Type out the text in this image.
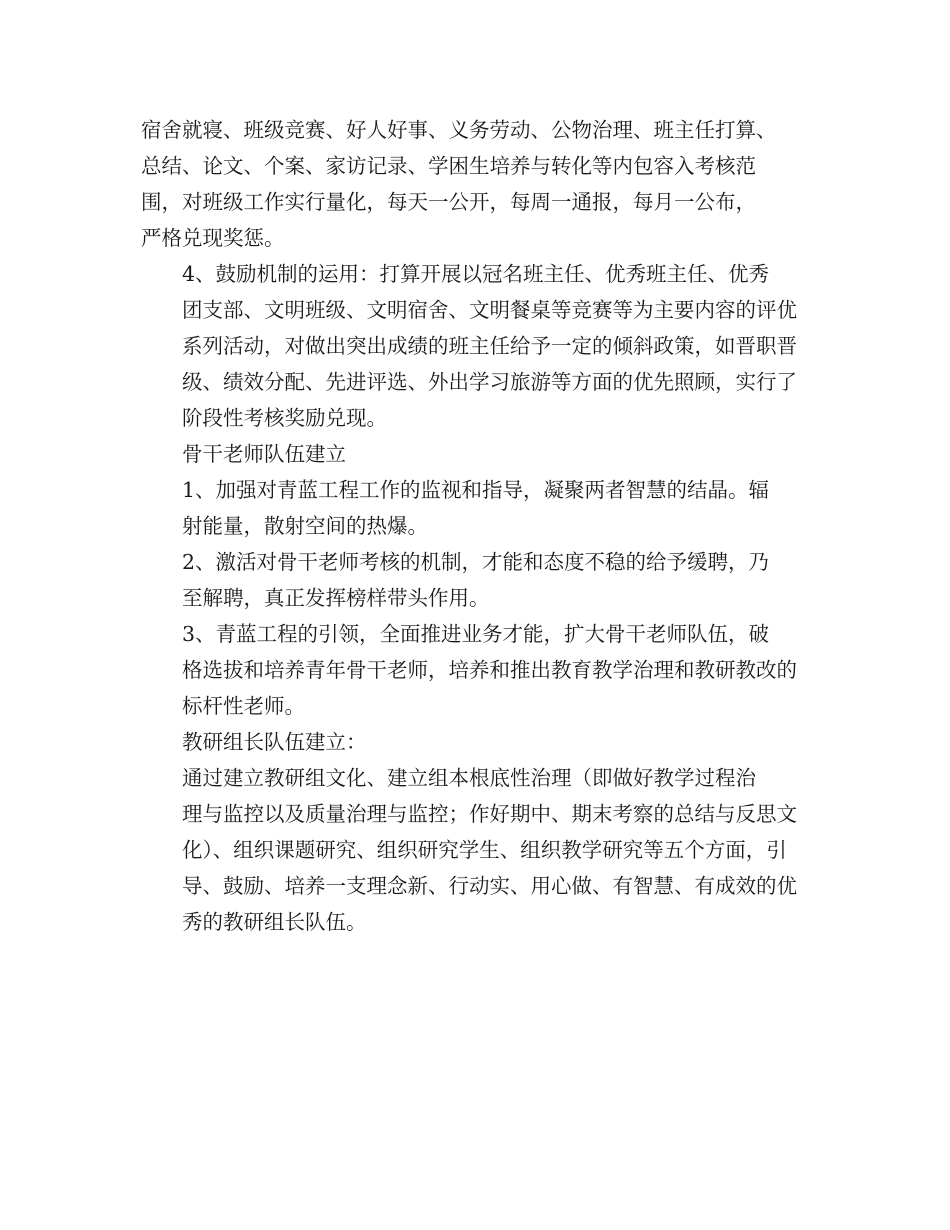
宿舍就寝、班级竞赛、好人好事、义务劳动、公物治理、班主任打算、
总结、论文、个案、家访记录、学困生培养与转化等内包容入考核范
围，对班级工作实行量化，每天一公开，每周一通报，每月一公布，
严格兑现奖惩。

4、鼓励机制的运用：打算开展以冠名班主任、优秀班主任、优秀
团支部、文明班级、文明宿舍、文明餐桌等竞赛等为主要内容的评优
系列活动，对做出突出成绩的班主任给予一定的倾斜政策，如晋职晋
级、绩效分配、先进评选、外出学习旅游等方面的优先照顾，实行了
阶段性考核奖励兑现。

骨干老师队伍建立

1、加强对青蓝工程工作的监视和指导，凝聚两者智慧的结晶。辐
射能量，散射空间的热爆。

2、激活对骨干老师考核的机制，才能和态度不稳的给予缓聘，乃
至解聘，真正发挥榜样带头作用。

3、青蓝工程的引领，全面推进业务才能，扩大骨干老师队伍，破
格选拔和培养青年骨干老师，培养和推出教育教学治理和教研教改的
标杆性老师。

教研组长队伍建立：

通过建立教研组文化、建立组本根底性治理（即做好教学过程治
理与监控以及质量治理与监控；作好期中、期末考察的总结与反思文
化）、组织课题研究、组织研究学生、组织教学研究等五个方面，引
导、鼓励、培养一支理念新、行动实、用心做、有智慧、有成效的优
秀的教研组长队伍。
